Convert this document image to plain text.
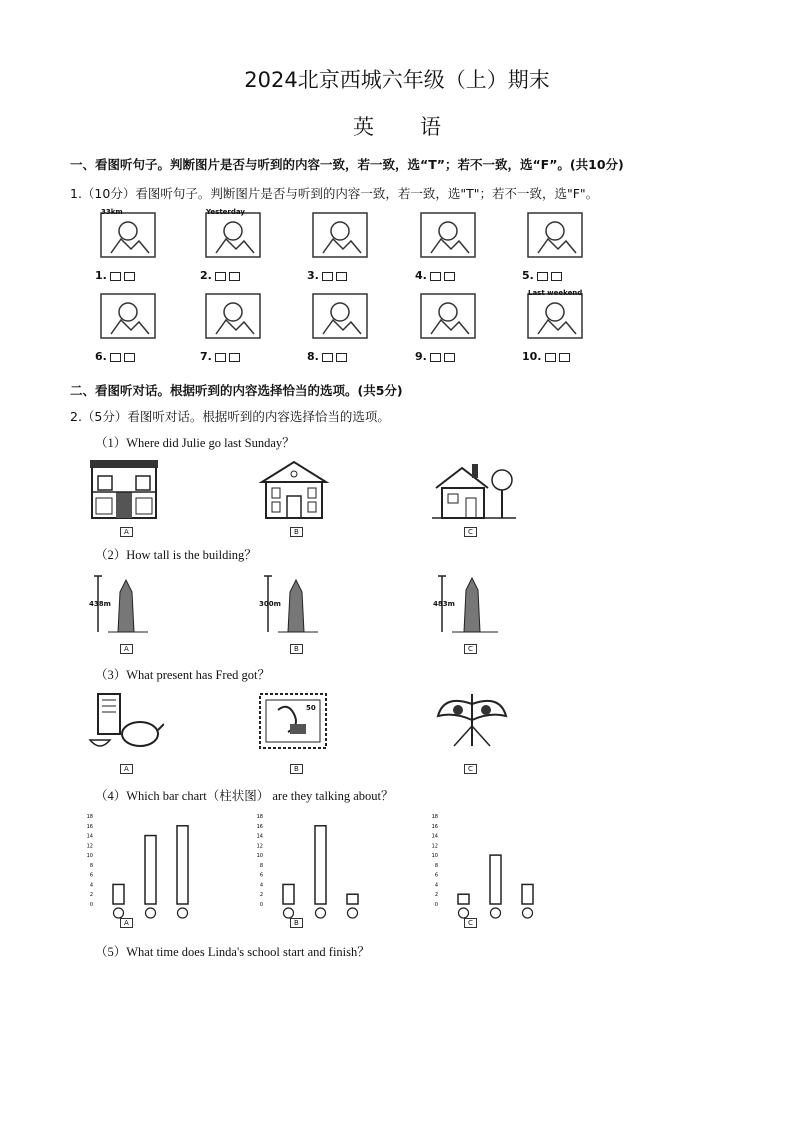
2024北京西城六年级（上）期末
英语
一、看图听句子。判断图片是否与听到的内容一致，若一致，选“T”；若不一致，选“F”。(共10分)
1.（10分）看图听句子。判断图片是否与听到的内容一致，若一致，选"T"；若不一致，选"F"。
33km
1.
Yesterday
2.	3.	4.	5.
6.	7.	8.	9.
Last weekend
10.
二、看图听对话。根据听到的内容选择恰当的选项。(共5分)
2.（5分）看图听对话。根据听到的内容选择恰当的选项。
（1）Where did Julie go last Sunday？
（2）How tall is the building？
（3）What present has Fred got？
（4）Which bar chart（柱状图） are they talking about？
（5）What time does Linda's school start and finish？
438m	300m	483m
50
A	B	C
A	B	C
A	B	C
A	B	C
18
16
14
12
10
8
6
4
2
0
18
16
14
12
10
8
6
4
2
0
18
16
14
12
10
8
6
4
2
0
